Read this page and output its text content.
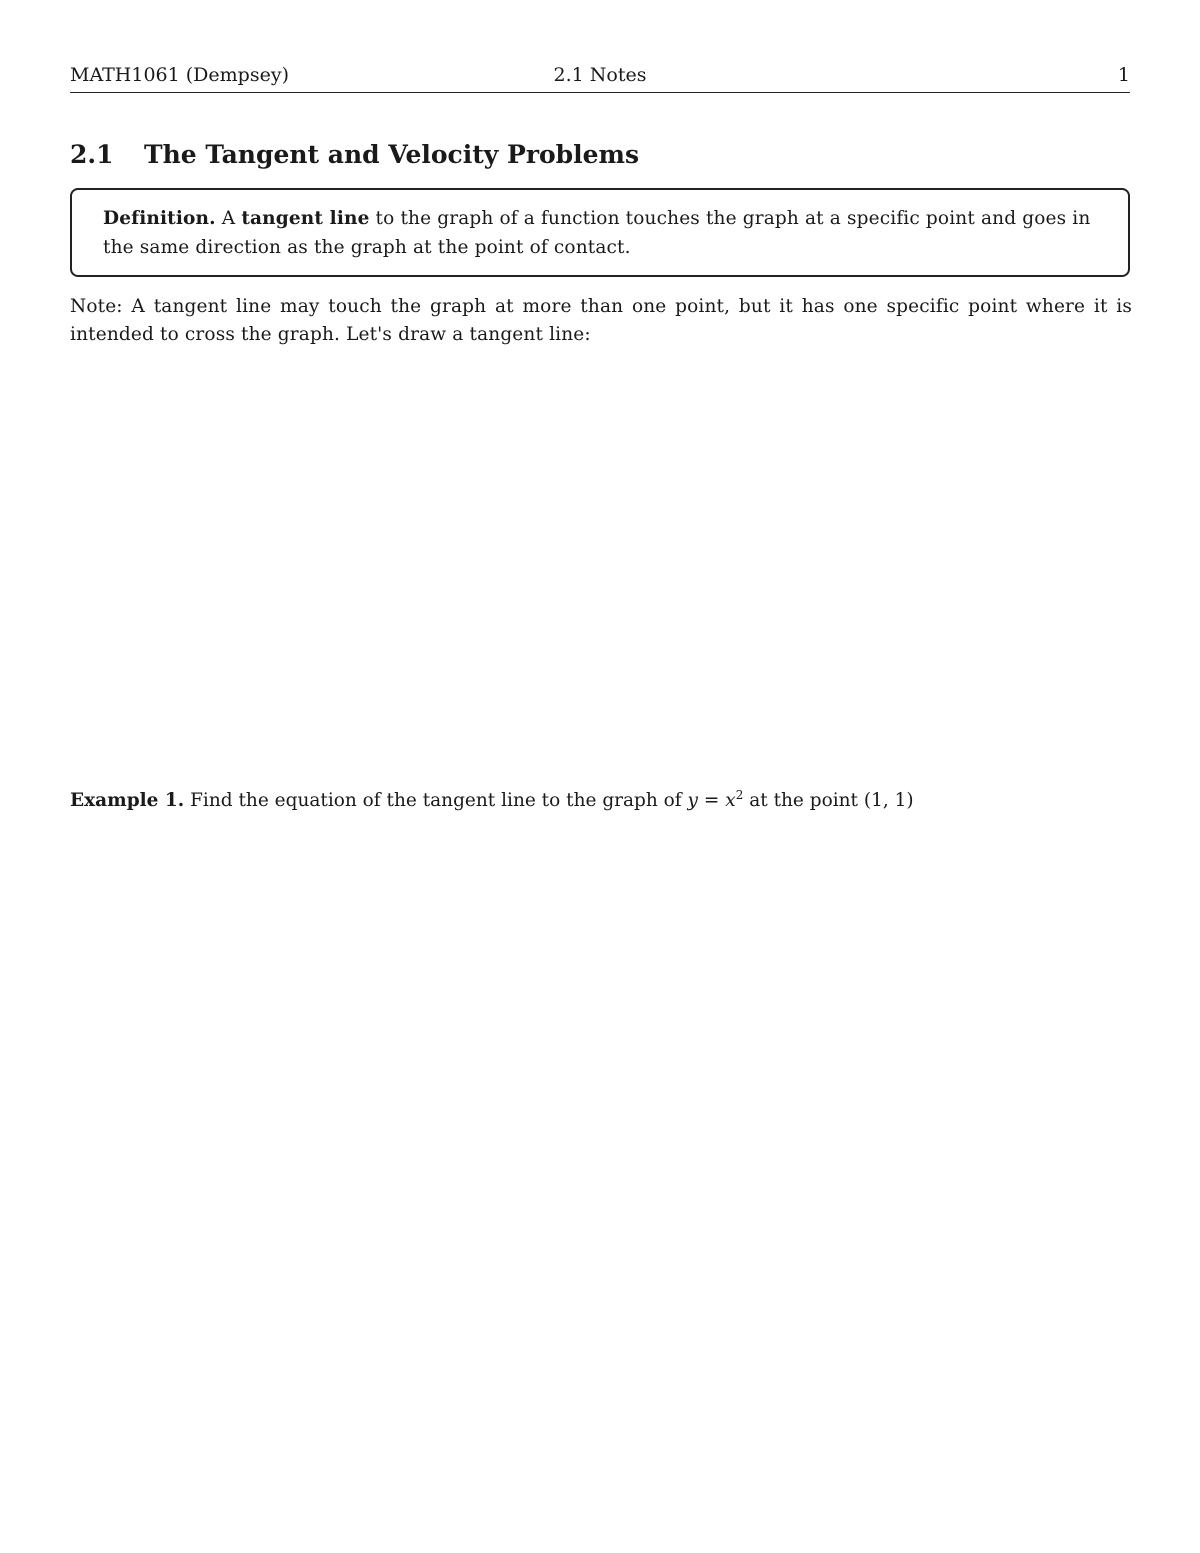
MATH1061 (Dempsey)	2.1 Notes	1
2.1 The Tangent and Velocity Problems
Definition. A tangent line to the graph of a function touches the graph at a specific point and goes in the same direction as the graph at the point of contact.
Note: A tangent line may touch the graph at more than one point, but it has one specific point where it is intended to cross the graph. Let's draw a tangent line:
Example 1. Find the equation of the tangent line to the graph of $y = x^2$ at the point (1, 1)
